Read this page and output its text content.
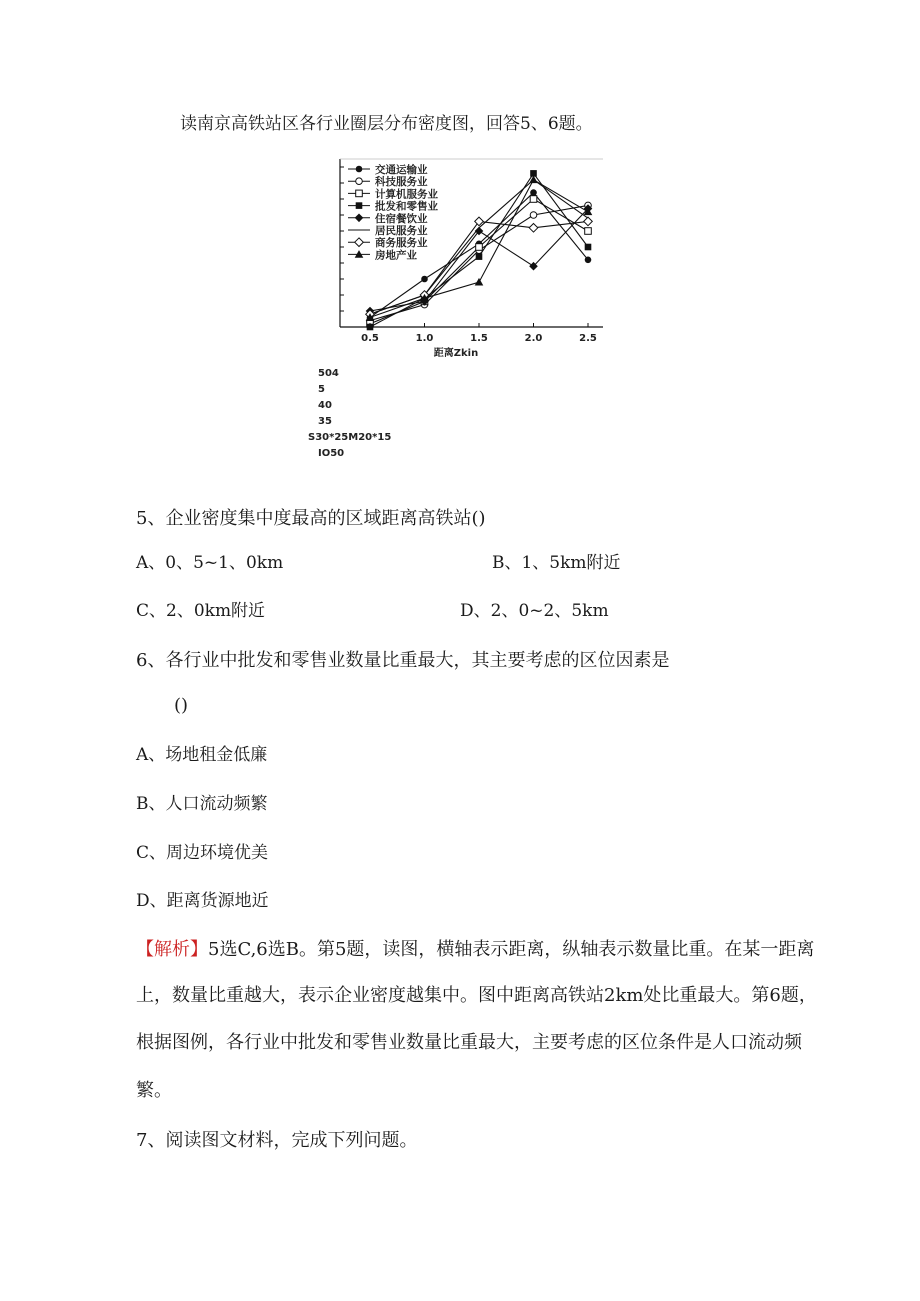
读南京高铁站区各行业圈层分布密度图，回答5、6题。
交通运输业
科技服务业
计算机服务业
批发和零售业
住宿餐饮业
居民服务业
商务服务业
房地产业
0.5	1.0	1.5	2.0	2.5
距离Zkin
504
5
40
35
S30*25M20*15
IO50
5、企业密度集中度最高的区域距离高铁站()
A、0、5~1、0km	B、1、5km附近
C、2、0km附近	D、2、0~2、5km
6、各行业中批发和零售业数量比重最大，其主要考虑的区位因素是
()
A、场地租金低廉
B、人口流动频繁
C、周边环境优美
D、距离货源地近
【解析】5选C,6选B。第5题，读图，横轴表示距离，纵轴表示数量比重。在某一距离
上，数量比重越大，表示企业密度越集中。图中距离高铁站2km处比重最大。第6题，
根据图例，各行业中批发和零售业数量比重最大，主要考虑的区位条件是人口流动频
繁。
7、阅读图文材料，完成下列问题。
